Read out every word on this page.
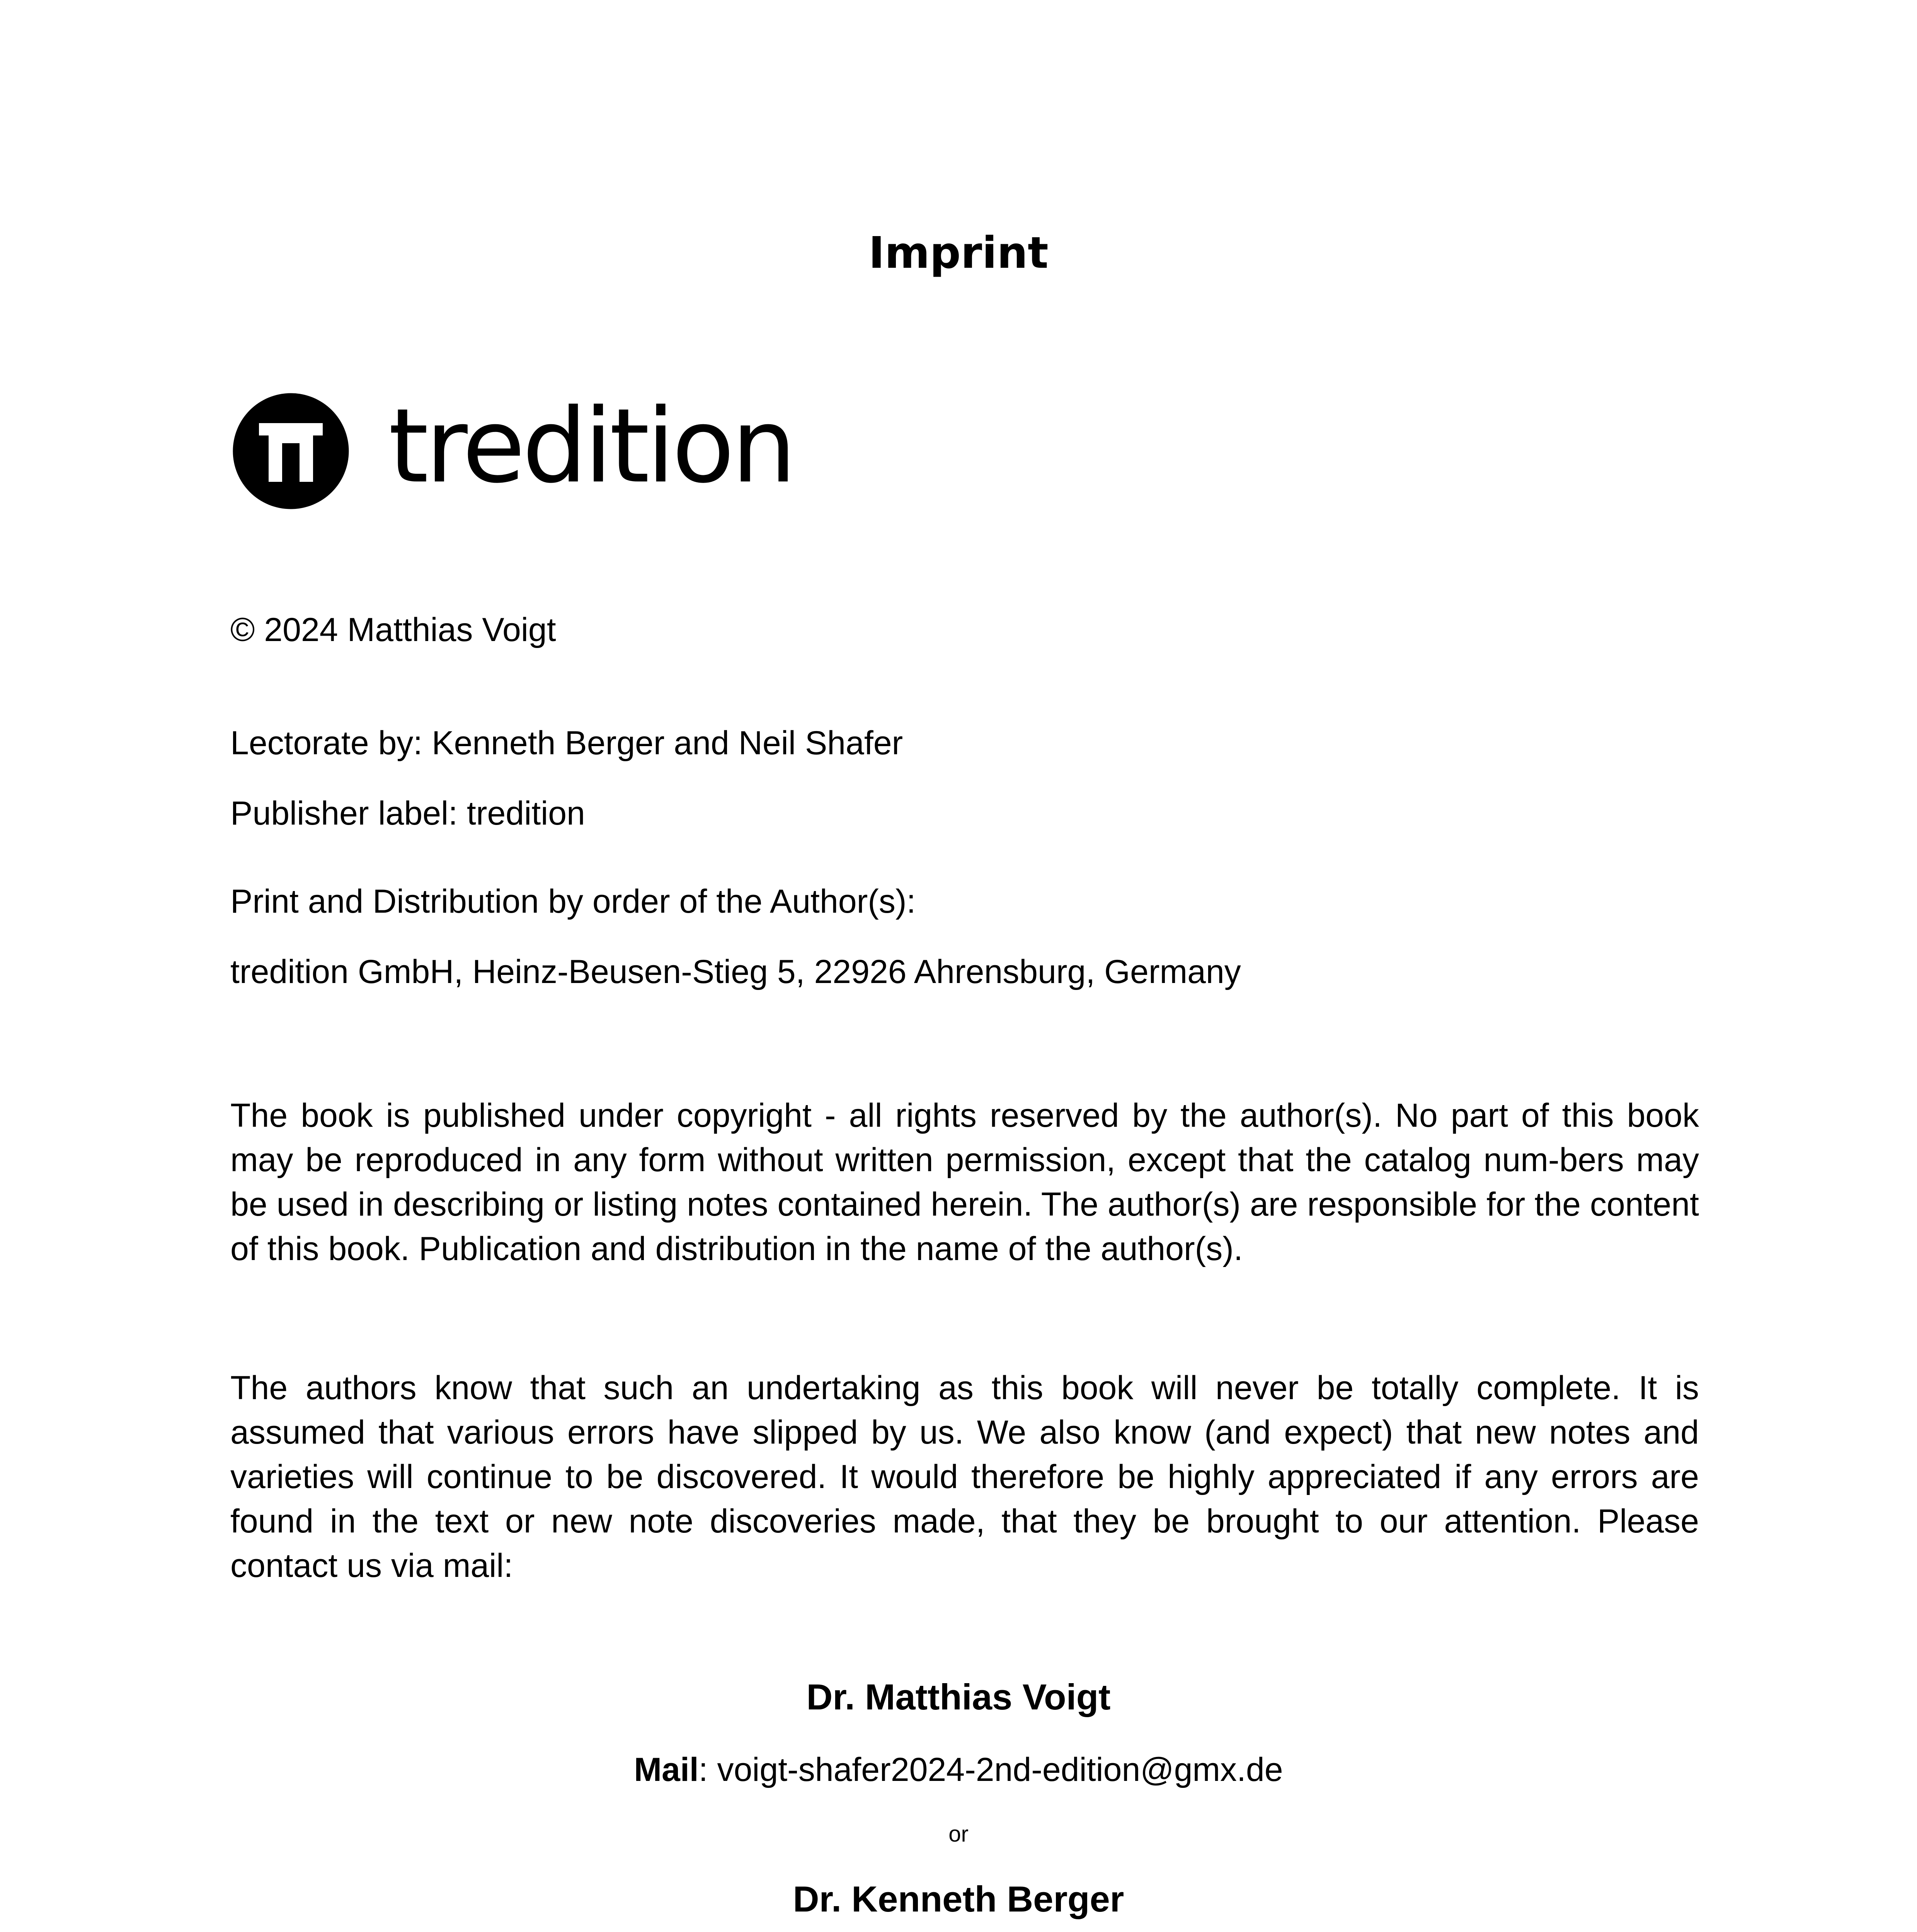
Imprint
tredition
© 2024 Matthias Voigt
Lectorate by: Kenneth Berger and Neil Shafer
Publisher label: tredition
Print and Distribution by order of the Author(s):
tredition GmbH, Heinz-Beusen-Stieg 5, 22926 Ahrensburg, Germany
The book is published under copyright - all rights reserved by the author(s). No part of this book may be reproduced in any form without written permission, except that the catalog num-bers may be used in describing or listing notes contained herein. The author(s) are responsible for the content of this book. Publication and distribution in the name of the author(s).
The authors know that such an undertaking as this book will never be totally complete. It is assumed that various errors have slipped by us. We also know (and expect) that new notes and varieties will continue to be discovered. It would therefore be highly appreciated if any errors are found in the text or new note discoveries made, that they be brought to our attention. Please contact us via mail:
Dr. Matthias Voigt
Mail: voigt-shafer2024-2nd-edition@gmx.de
or
Dr. Kenneth Berger
